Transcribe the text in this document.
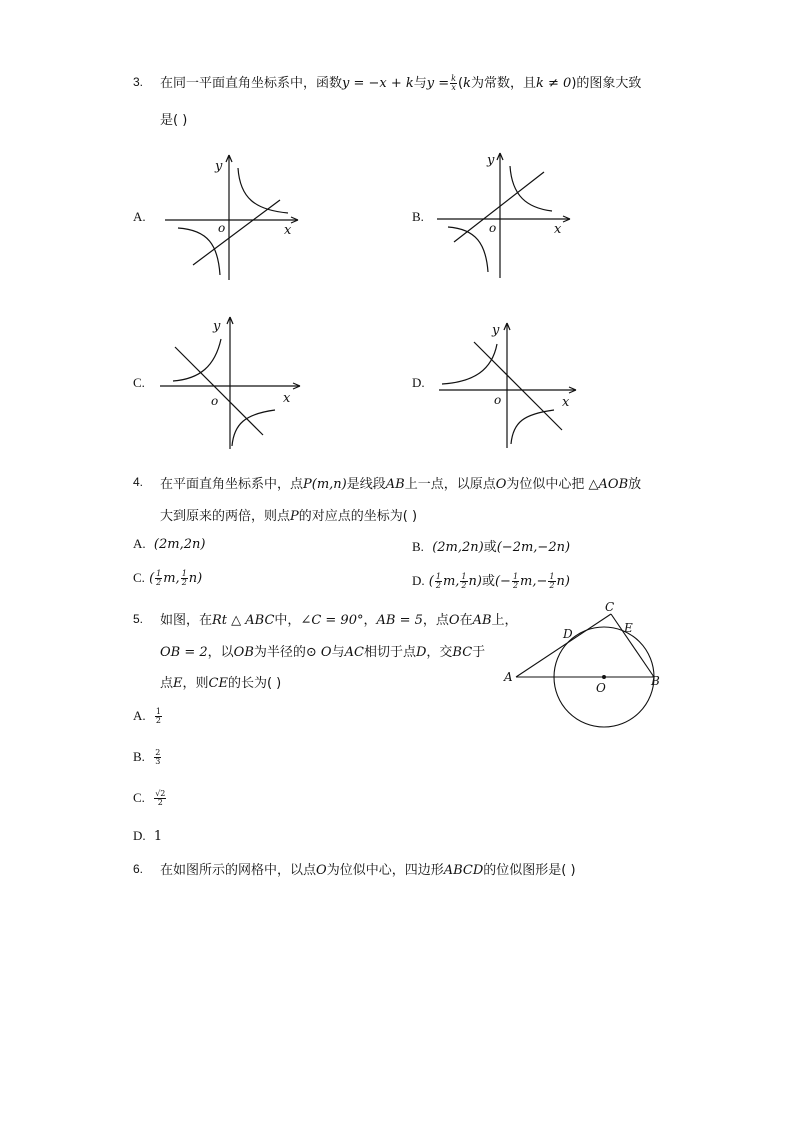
3. 在同一平面直角坐标系中，函数y = −x + k与$y = \frac{k}{x} (k$为常数，且k ≠ 0)的图象大致
是( )
A.	B.
C.	D.
y
o	x
y
o	x
y
o	x
y
o	x
4. 在平面直角坐标系中，点P(m,n)是线段AB上一点，以原点O为位似中心把 △AOB放
大到原来的两倍，则点P的对应点的坐标为( )
A. (2m,2n)	B. (2m,2n)或(−2m,−2n)
C. ( $\frac{1}{2} m$, $\frac{1}{2} n$)	D. ( $\frac{1}{2} m$, $\frac{1}{2} n$)或(− $\frac{1}{2} m,- \frac{1}{2} n$)
5. 如图，在Rt △ ABC中，∠C = 90°，AB = 5，点O在AB上，
OB = 2，以OB为半径的⊙ O与AC相切于点D，交BC于
点E，则CE的长为( )
C
D	E
A
O	B
A. $\frac{1}{2}$
B. $\frac{2}{3}$
C. $\frac{√2}{2}$
D. 1
6. 在如图所示的网格中，以点O为位似中心，四边形ABCD的位似图形是( )
